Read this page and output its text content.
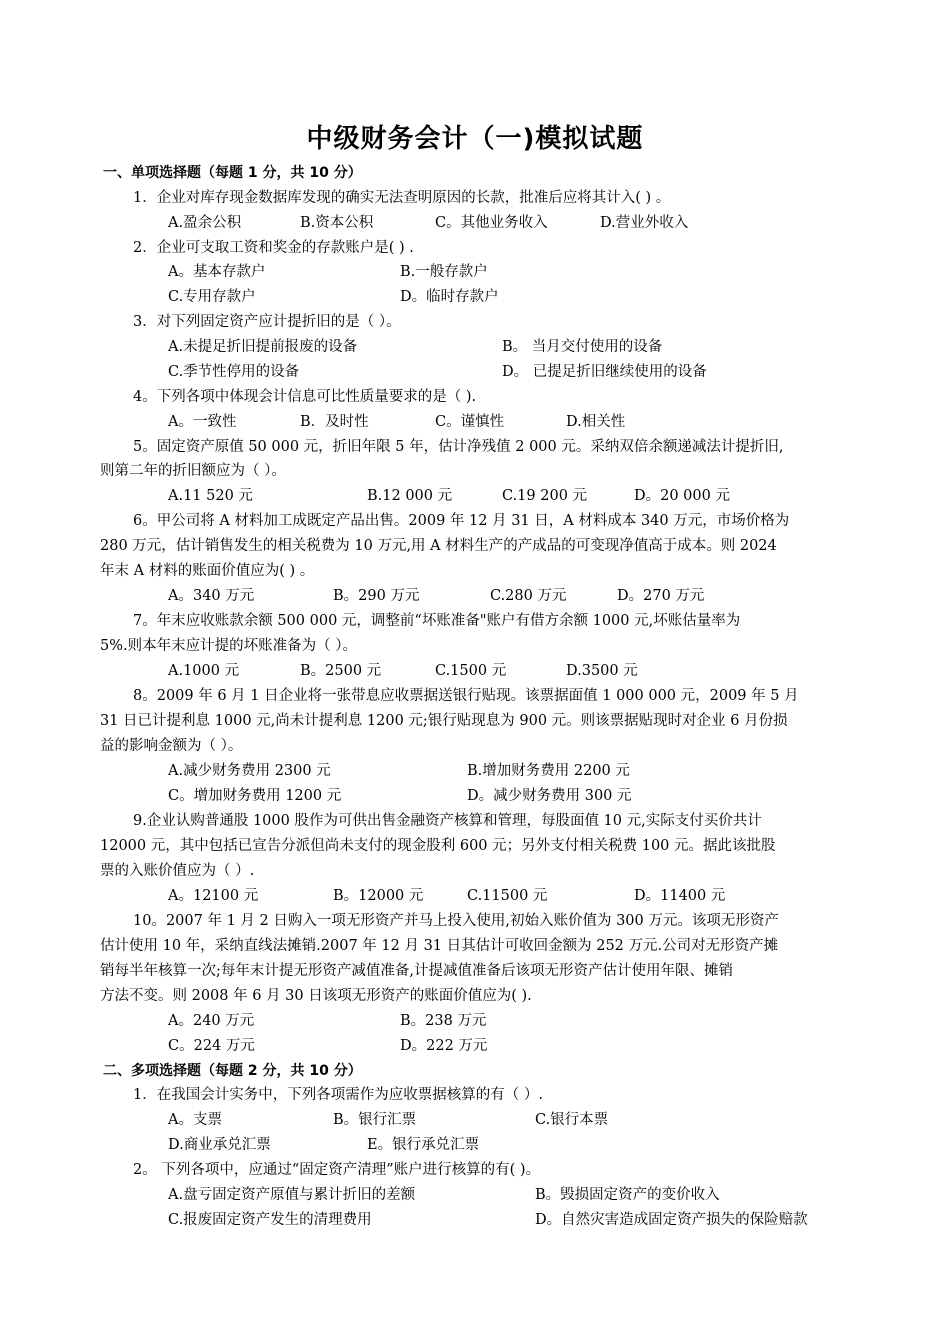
中级财务会计（一)模拟试题
一、单项选择题（每题 1 分，共 10 分）
1．企业对库存现金数据库发现的确实无法查明原因的长款，批准后应将其计入( ) 。
A.盈余公积	B.资本公积	C。其他业务收入	D.营业外收入
2．企业可支取工资和奖金的存款账户是( ) .
A。基本存款户	B.一般存款户
C.专用存款户	D。临时存款户
3．对下列固定资产应计提折旧的是（ ）。
A.未提足折旧提前报废的设备	B。 当月交付使用的设备
C.季节性停用的设备	D。 已提足折旧继续使用的设备
4。下列各项中体现会计信息可比性质量要求的是（ ).
A。一致性	B．及时性	C。谨慎性	D.相关性
5。固定资产原值 50 000 元，折旧年限 5 年，估计净残值 2 000 元。采纳双倍余额递减法计提折旧,
则第二年的折旧额应为（ ）。
A.11 520 元	B.12 000 元	C.19 200 元	D。20 000 元
6。甲公司将 A 材料加工成既定产品出售。2009 年 12 月 31 日，A 材料成本 340 万元，市场价格为
280 万元，估计销售发生的相关税费为 10 万元,用 A 材料生产的产成品的可变现净值高于成本。则 2024
年末 A 材料的账面价值应为( ) 。
A。340 万元	B。290 万元	C.280 万元	D。270 万元
7。年末应收账款余额 500 000 元，调整前“坏账准备"账户有借方余额 1000 元,坏账估量率为
5%.则本年末应计提的坏账准备为（ ）。
A.1000 元	B。2500 元	C.1500 元	D.3500 元
8。2009 年 6 月 1 日企业将一张带息应收票据送银行贴现。该票据面值 1 000 000 元，2009 年 5 月
31 日已计提利息 1000 元,尚未计提利息 1200 元;银行贴现息为 900 元。则该票据贴现时对企业 6 月份损
益的影响金额为（ ）。
A.减少财务费用 2300 元	B.增加财务费用 2200 元
C。增加财务费用 1200 元	D。减少财务费用 300 元
9.企业认购普通股 1000 股作为可供出售金融资产核算和管理，每股面值 10 元,实际支付买价共计
12000 元，其中包括已宣告分派但尚未支付的现金股利 600 元；另外支付相关税费 100 元。据此该批股
票的入账价值应为（ ）.
A。12100 元	B。12000 元	C.11500 元	D。11400 元
10。2007 年 1 月 2 日购入一项无形资产并马上投入使用,初始入账价值为 300 万元。该项无形资产
估计使用 10 年，采纳直线法摊销.2007 年 12 月 31 日其估计可收回金额为 252 万元.公司对无形资产摊
销每半年核算一次;每年末计提无形资产减值准备,计提减值准备后该项无形资产估计使用年限、摊销
方法不变。则 2008 年 6 月 30 日该项无形资产的账面价值应为( ).
A。240 万元	B。238 万元
C。224 万元	D。222 万元
二、多项选择题（每题 2 分，共 10 分）
1．在我国会计实务中，下列各项需作为应收票据核算的有（ ）.
A。支票	B。银行汇票	C.银行本票
D.商业承兑汇票	E。银行承兑汇票
2。 下列各项中，应通过“固定资产清理”账户进行核算的有( )。
A.盘亏固定资产原值与累计折旧的差额	B。毁损固定资产的变价收入
C.报废固定资产发生的清理费用	D。自然灾害造成固定资产损失的保险赔款
